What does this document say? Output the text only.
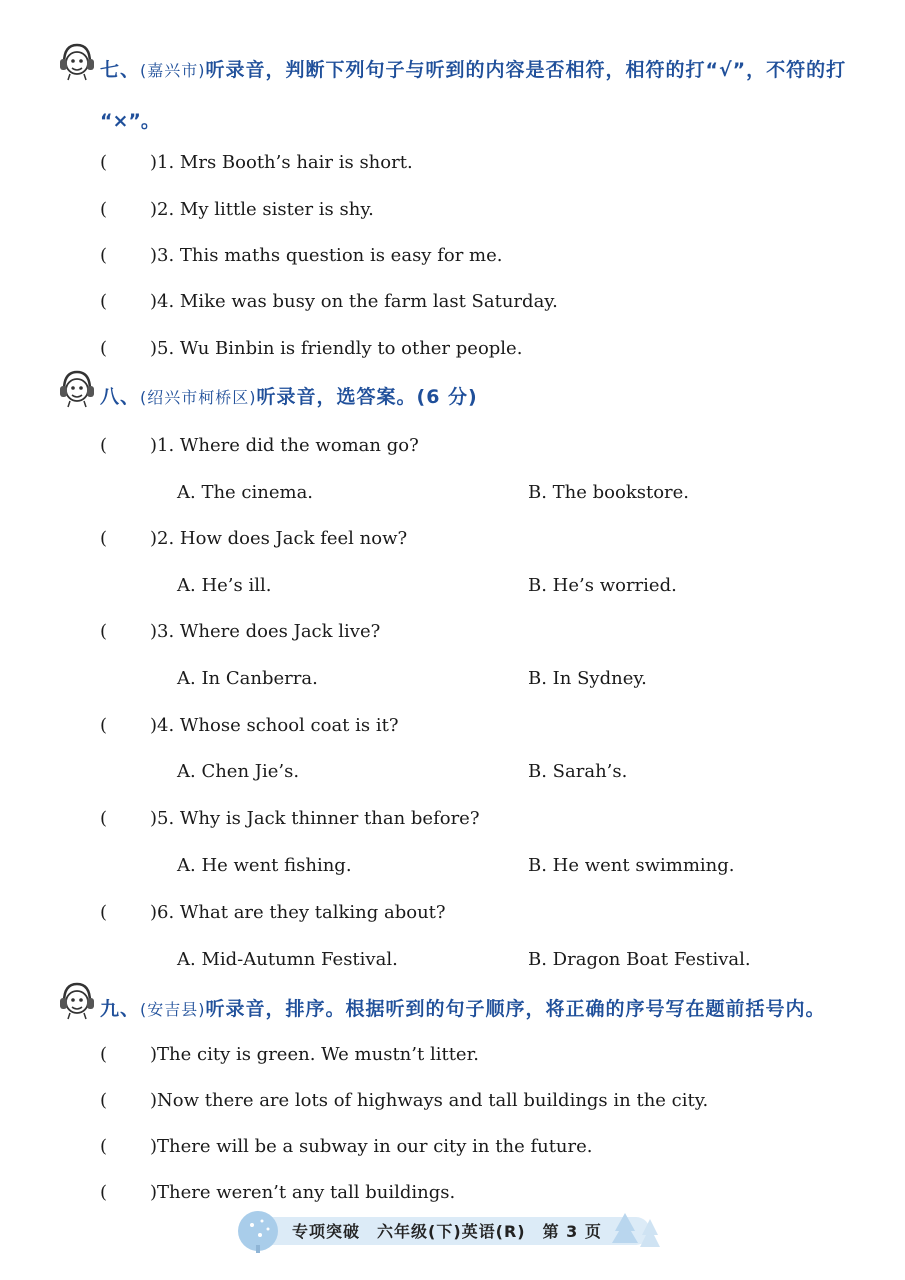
七、(嘉兴市)听录音，判断下列句子与听到的内容是否相符，相符的打“√”，不符的打
“×”。
( )1. Mrs Booth’s hair is short.
( )2. My little sister is shy.
( )3. This maths question is easy for me.
( )4. Mike was busy on the farm last Saturday.
( )5. Wu Binbin is friendly to other people.
八、(绍兴市柯桥区)听录音，选答案。(6 分)
( )1. Where did the woman go?
A. The cinema.	B. The bookstore.
( )2. How does Jack feel now?
A. He’s ill.	B. He’s worried.
( )3. Where does Jack live?
A. In Canberra.	B. In Sydney.
( )4. Whose school coat is it?
A. Chen Jie’s.	B. Sarah’s.
( )5. Why is Jack thinner than before?
A. He went fishing.	B. He went swimming.
( )6. What are they talking about?
A. Mid-Autumn Festival.	B. Dragon Boat Festival.
九、(安吉县)听录音，排序。根据听到的句子顺序，将正确的序号写在题前括号内。
( )The city is green. We mustn’t litter.
( )Now there are lots of highways and tall buildings in the city.
( )There will be a subway in our city in the future.
( )There weren’t any tall buildings.
专项突破　六年级(下)英语(R)　第 3 页
